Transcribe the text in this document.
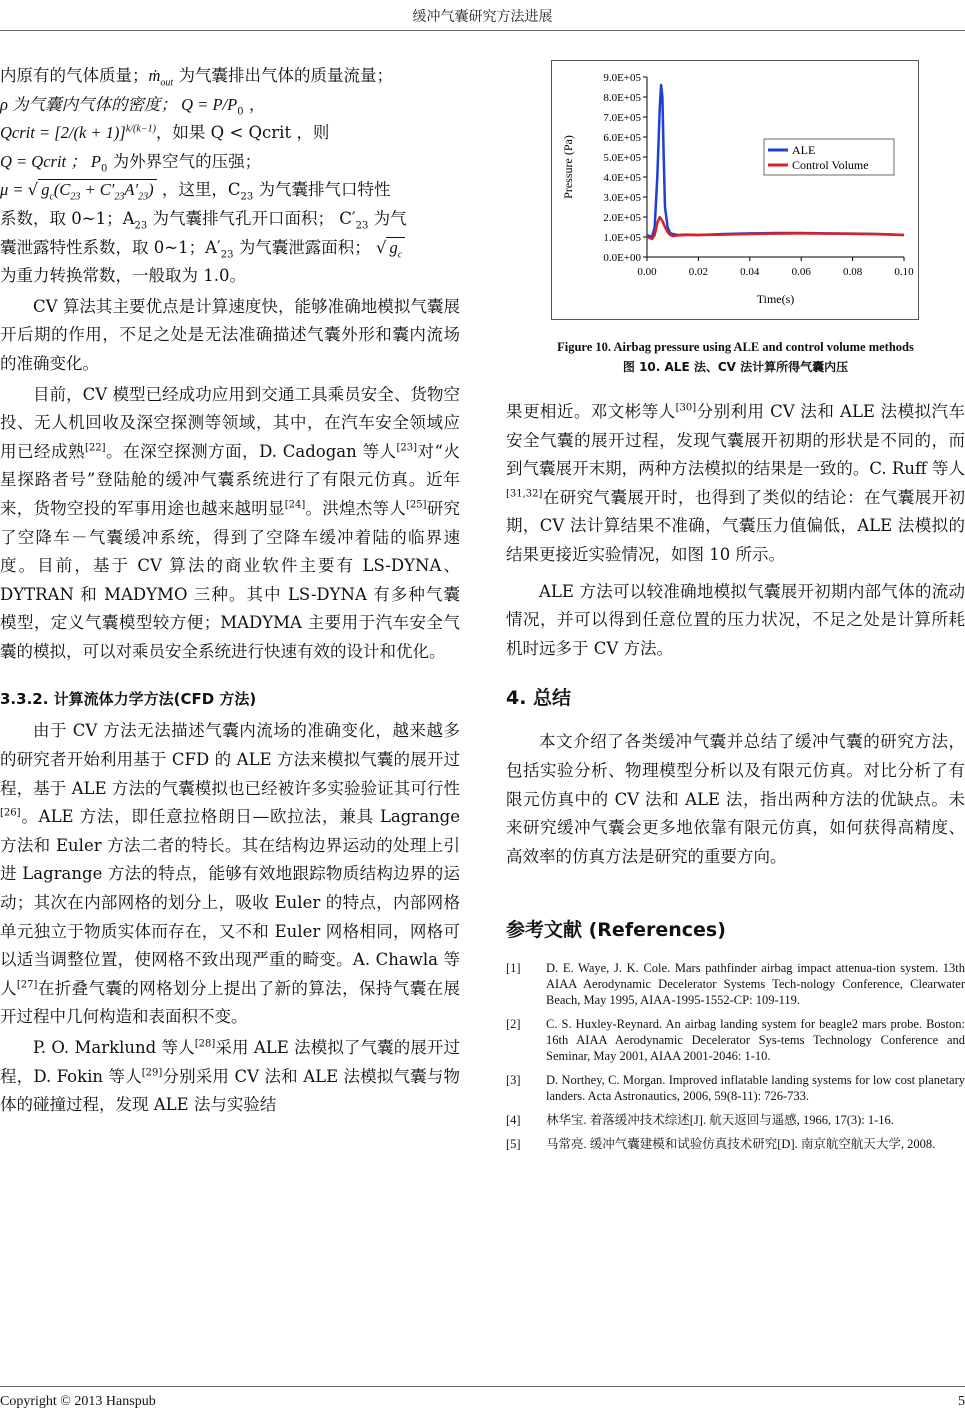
缓冲气囊研究方法进展

内原有的气体质量；ṁ$_{out}$ 为气囊排出气体的质量流量；

ρ 为气囊内气体的密度； $Q = P/P_0$ ，

Qcrit = $[2/(k + 1)]^{k/(k-1)}$，如果 Q < Qcrit ，则

Q = Qcrit ； $P_0$ 为外界空气的压强；

μ = √ $g_c(C_{23} + C'_{23}A'_{23})$ ，这里，$C_{23}$ 为气囊排气口特性

系数，取 0~1；$A_{23}$ 为气囊排气孔开口面积； $C'_{23}$ 为气

囊泄露特性系数，取 0~1；$A'_{23}$ 为气囊泄露面积； √ $g_c$

为重力转换常数，一般取为 1.0。

CV 算法其主要优点是计算速度快，能够准确地模拟气囊展开后期的作用，不足之处是无法准确描述气囊外形和囊内流场的准确变化。

目前，CV 模型已经成功应用到交通工具乘员安全、货物空投、无人机回收及深空探测等领域，其中，在汽车安全领域应用已经成熟[22]。在深空探测方面，D. Cadogan 等人[23]对“火星探路者号”登陆舱的缓冲气囊系统进行了有限元仿真。近年来，货物空投的军事用途也越来越明显[24]。洪煌杰等人[25]研究了空降车－气囊缓冲系统，得到了空降车缓冲着陆的临界速度。目前，基于 CV 算法的商业软件主要有 LS-DYNA、DYTRAN 和 MADYMO 三种。其中 LS-DYNA 有多种气囊模型，定义气囊模型较方便；MADYMA 主要用于汽车安全气囊的模拟，可以对乘员安全系统进行快速有效的设计和优化。

3.3.2. 计算流体力学方法(CFD 方法)

由于 CV 方法无法描述气囊内流场的准确变化，越来越多的研究者开始利用基于 CFD 的 ALE 方法来模拟气囊的展开过程，基于 ALE 方法的气囊模拟也已经被许多实验验证其可行性[26]。ALE 方法，即任意拉格朗日—欧拉法，兼具 Lagrange 方法和 Euler 方法二者的特长。其在结构边界运动的处理上引进 Lagrange 方法的特点，能够有效地跟踪物质结构边界的运动；其次在内部网格的划分上，吸收 Euler 的特点，内部网格单元独立于物质实体而存在，又不和 Euler 网格相同，网格可以适当调整位置，使网格不致出现严重的畸变。A. Chawla 等人[27]在折叠气囊的网格划分上提出了新的算法，保持气囊在展开过程中几何构造和表面积不变。

P. O. Marklund 等人[28]采用 ALE 法模拟了气囊的展开过程，D. Fokin 等人[29]分别采用 CV 法和 ALE 法模拟气囊与物体的碰撞过程，发现 ALE 法与实验结

0.0E+00
1.0E+05
2.0E+05
3.0E+05
4.0E+05
5.0E+05
6.0E+05
7.0E+05
8.0E+05
9.0E+05
0.00	0.02	0.04	0.06	0.08	0.10
Time(s)
Pressure (Pa)	ALE
Control Volume
Figure 10. Airbag pressure using ALE and control volume methods
图 10. ALE 法、CV 法计算所得气囊内压

果更相近。邓文彬等人[30]分别利用 CV 法和 ALE 法模拟汽车安全气囊的展开过程，发现气囊展开初期的形状是不同的，而到气囊展开末期，两种方法模拟的结果是一致的。C. Ruff 等人[31,32]在研究气囊展开时，也得到了类似的结论：在气囊展开初期，CV 法计算结果不准确，气囊压力值偏低，ALE 法模拟的结果更接近实验情况，如图 10 所示。

ALE 方法可以较准确地模拟气囊展开初期内部气体的流动情况，并可以得到任意位置的压力状况，不足之处是计算所耗机时远多于 CV 方法。

4. 总结

本文介绍了各类缓冲气囊并总结了缓冲气囊的研究方法，包括实验分析、物理模型分析以及有限元仿真。对比分析了有限元仿真中的 CV 法和 ALE 法，指出两种方法的优缺点。未来研究缓冲气囊会更多地依靠有限元仿真，如何获得高精度、高效率的仿真方法是研究的重要方向。

参考文献 (References)
[1] D. E. Waye, J. K. Cole. Mars pathfinder airbag impact attenua-tion system. 13th AIAA Aerodynamic Decelerator Systems Tech-nology Conference, Clearwater Beach, May 1995, AIAA-1995-1552-CP: 109-119.
[2] C. S. Huxley-Reynard. An airbag landing system for beagle2 mars probe. Boston: 16th AIAA Aerodynamic Decelerator Sys-tems Technology Conference and Seminar, May 2001, AIAA 2001-2046: 1-10.
[3] D. Northey, C. Morgan. Improved inflatable landing systems for low cost planetary landers. Acta Astronautics, 2006, 59(8-11): 726-733.
[4] 林华宝. 着落缓冲技术综述[J]. 航天返回与遥感, 1966, 17(3): 1-16.
[5] 马常亮. 缓冲气囊建模和试验仿真技术研究[D]. 南京航空航天大学, 2008.
Copyright © 2013 Hanspub	5
